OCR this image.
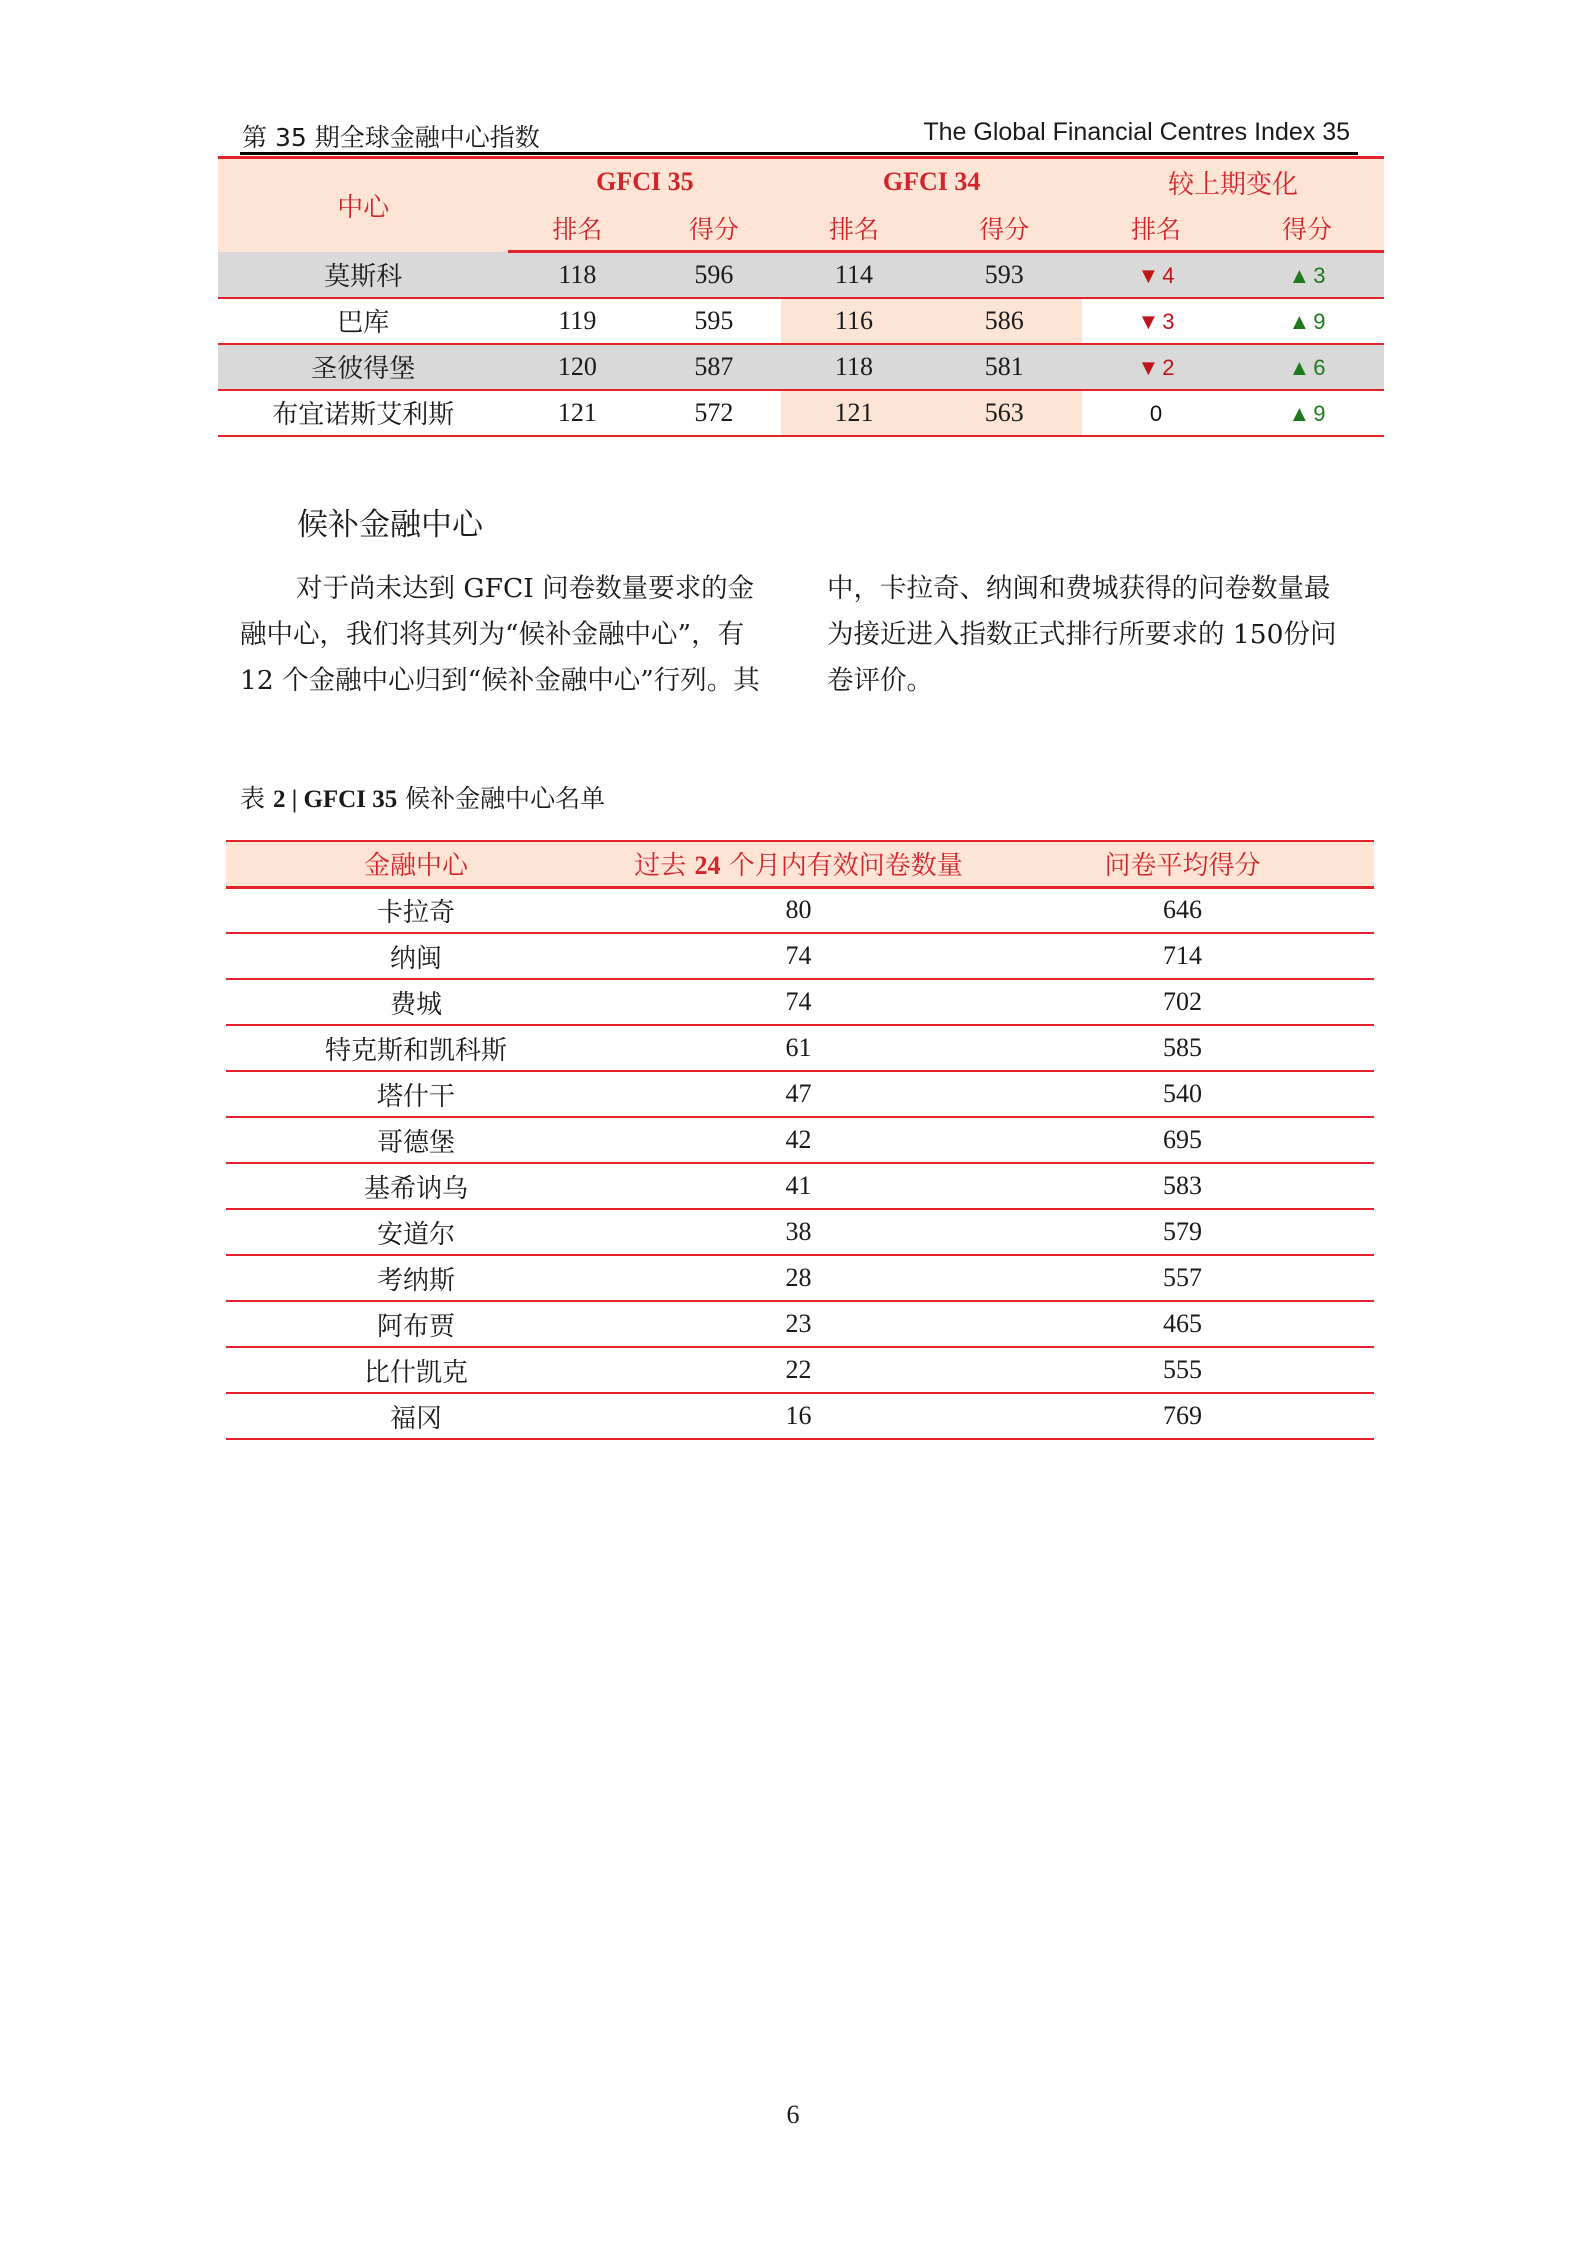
第 35 期全球金融中心指数	The Global Financial Centres Index 35
中心	GFCI 35		GFCI 34		较上期变化	
	排名	得分	排名	得分	排名	得分
莫斯科	118	596	114	593	▼ 4	▲ 3
巴库	119	595	116	586	▼ 3	▲ 9
圣彼得堡	120	587	118	581	▼ 2	▲ 6
布宜诺斯艾利斯	121	572	121	563	0	▲ 9
候补金融中心
对于尚未达到 GFCI 问卷数量要求的金
融中心，我们将其列为“候补金融中心”，有
12 个金融中心归到“候补金融中心”行列。其
中，卡拉奇、纳闽和费城获得的问卷数量最
为接近进入指数正式排行所要求的 150份问
卷评价。
表 2 | GFCI 35 候补金融中心名单
金融中心	过去 24 个月内有效问卷数量	问卷平均得分
卡拉奇	80	646
纳闽	74	714
费城	74	702
特克斯和凯科斯	61	585
塔什干	47	540
哥德堡	42	695
基希讷乌	41	583
安道尔	38	579
考纳斯	28	557
阿布贾	23	465
比什凯克	22	555
福冈	16	769
6
